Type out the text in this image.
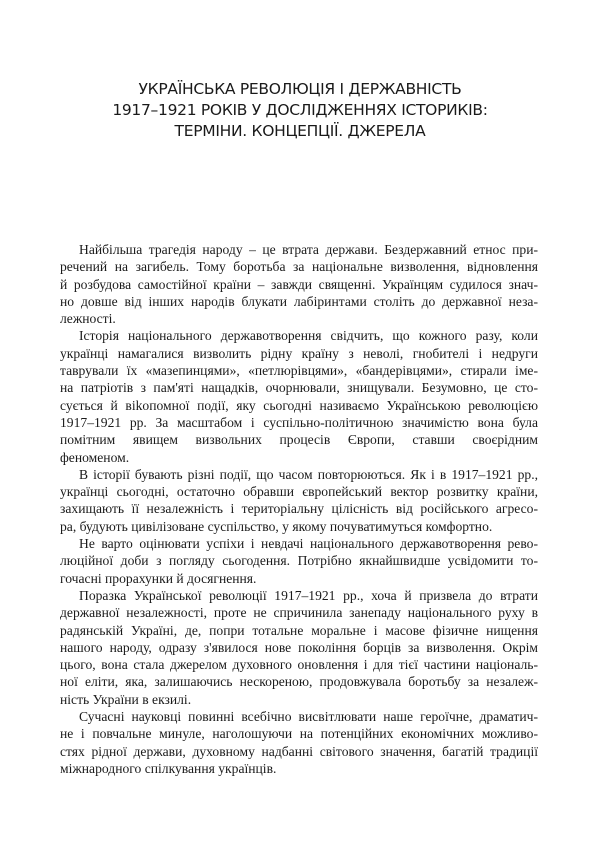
УКРАЇНСЬКА РЕВОЛЮЦІЯ І ДЕРЖАВНІСТЬ
1917–1921 РОКІВ У ДОСЛІДЖЕННЯХ ІСТОРИКІВ:
ТЕРМІНИ. КОНЦЕПЦІЇ. ДЖЕРЕЛА
Найбільша трагедія народу – це втрата держави. Бездержавний етнос при-
речений на загибель. Тому боротьба за національне визволення, відновлення
й розбудова самостійної країни – завжди священні. Українцям судилося знач-
но довше від інших народів блукати лабіринтами століть до державної неза-
лежності.
Історія національного державотворення свідчить, що кожного разу, коли
українці намагалися визволить рідну країну з неволі, гнобителі і недруги
таврували їх «мазепинцями», «петлюрівцями», «бандерівцями», стирали іме-
на патріотів з пам'яті нащадків, очорнювали, знищували. Безумовно, це сто-
сується й віkопомної події, яку сьогодні називаємо Українською революцією
1917–1921 рр. За масштабом і суспільно-політичною значимістю вона була
помітним явищем визвольних процесів Європи, ставши своєрідним
феноменом.
В історії бувають різні події, що часом повторюються. Як і в 1917–1921 рр.,
українці сьогодні, остаточно обравши європейський вектор розвитку країни,
захищають її незалежність і територіальну цілісність від російського агресо-
ра, будують цивілізоване суспільство, у якому почуватимуться комфортно.
Не варто оцінювати успіхи і невдачі національного державотворення рево-
люційної доби з погляду сьогодення. Потрібно якнайшвидше усвідомити то-
гочасні прорахунки й досягнення.
Поразка Української революції 1917–1921 рр., хоча й призвела до втрати
державної незалежності, проте не спричинила занепаду національного руху в
радянській Україні, де, попри тотальне моральне і масове фізичне нищення
нашого народу, одразу з'явилося нове покоління борців за визволення. Окрім
цього, вона стала джерелом духовного оновлення і для тієї частини національ-
ної еліти, яка, залишаючись нескореною, продовжувала боротьбу за незалеж-
ність України в екзилі.
Сучасні науковці повинні всебічно висвітлювати наше героїчне, драматич-
не і повчальне минуле, наголошуючи на потенційних економічних можливо-
стях рідної держави, духовному надбанні світового значення, багатій традиції
міжнародного спілкування українців.
